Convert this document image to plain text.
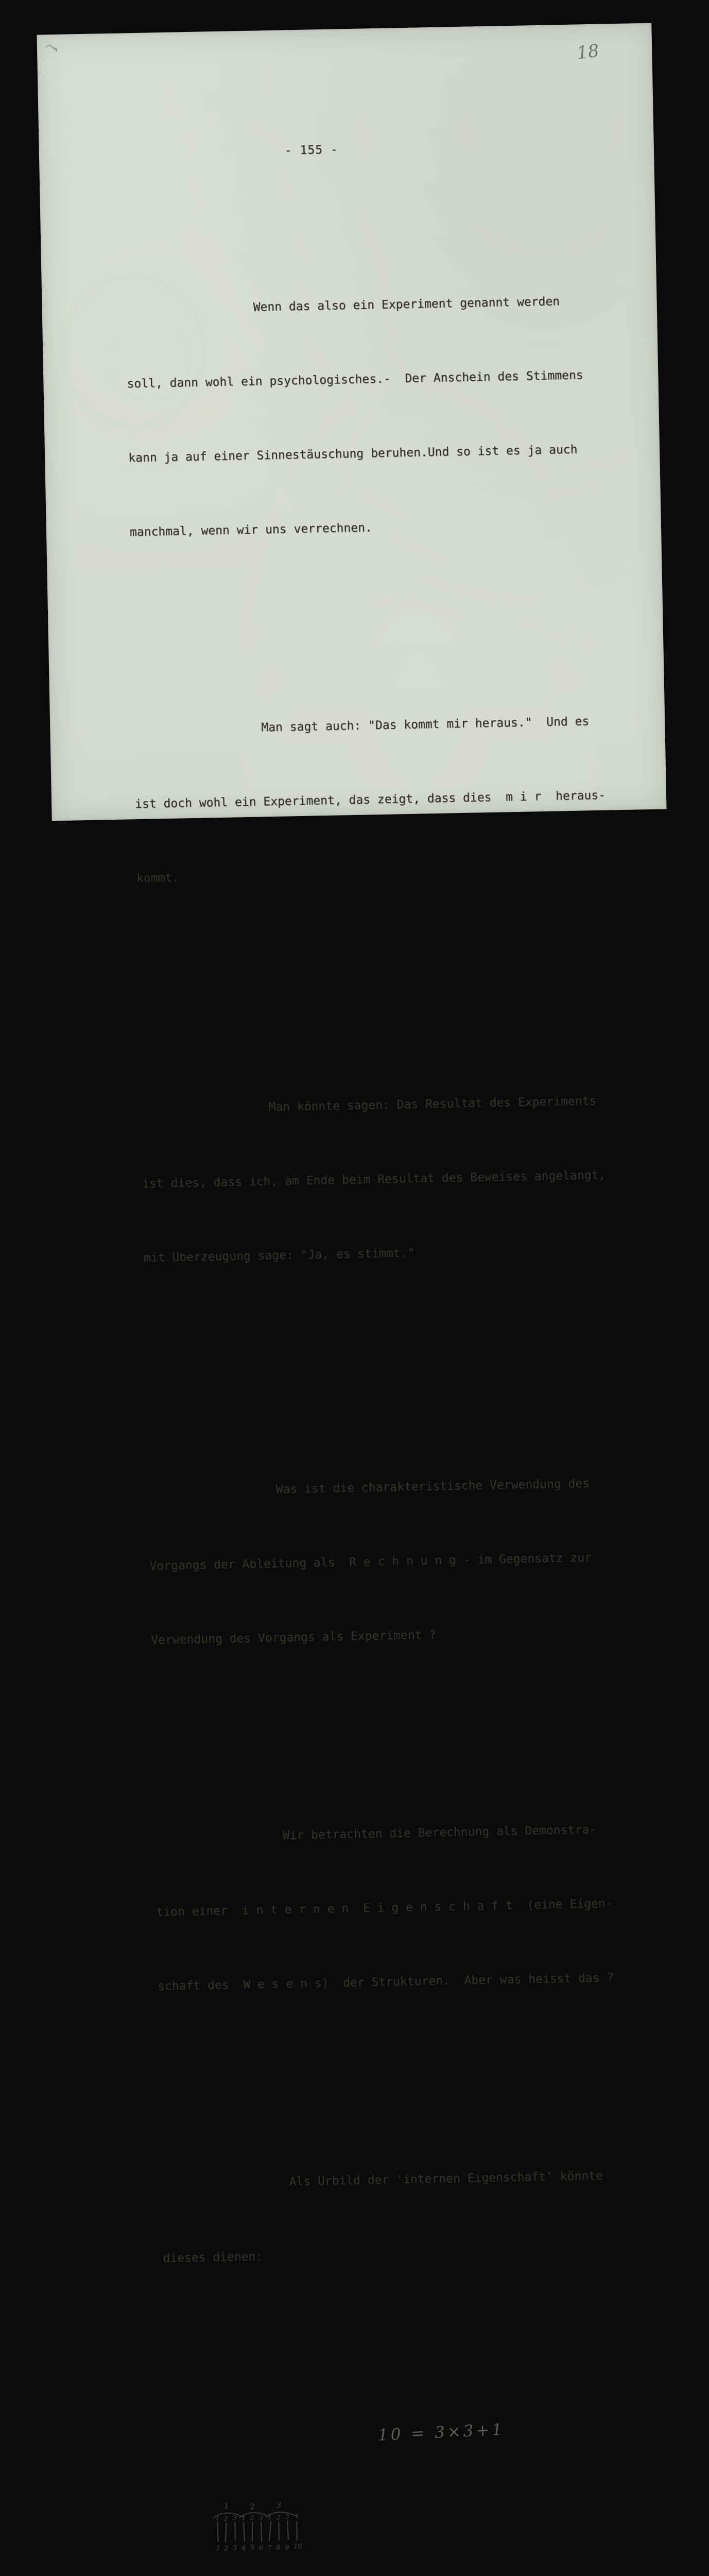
18

- 155 -

Wenn das also ein Experiment genannt werden

soll, dann wohl ein psychologisches.-  Der Anschein des Stimmens

kann ja auf einer Sinnestäuschung beruhen.Und so ist es ja auch

manchmal, wenn wir uns verrechnen.

Man sagt auch: "Das kommt mir heraus."  Und es

ist doch wohl ein Experiment, das zeigt, dass dies  m i r  heraus-

kommt.

Man könnte sagen: Das Resultat des Experiments

ist dies, dass ich, am Ende beim Resultat des Beweises angelangt,

mit Uberzeugung sage: "Ja, es stimmt."

Was ist die charakteristische Verwendung des

Vorgangs der Ableitung als  R e c h n u n g - im Gegensatz zur

Verwendung des Vorgangs als Experiment ?

Wir betrachten die Berechnung als Demonstra-

tion einer  i n t e r n e n  E i g e n s c h a f t  (eine Eigen-

schaft des  W e s e n s)  der Strukturen.  Aber was heisst das ?

Als Urbild der 'internen Eigenschaft' könnte

dieses dienen:

10 = 3×3+1

1	2	3
1 2 3 1 2 3 1 2 3 1
1 2 3 4 5 6 7 8 9 10
